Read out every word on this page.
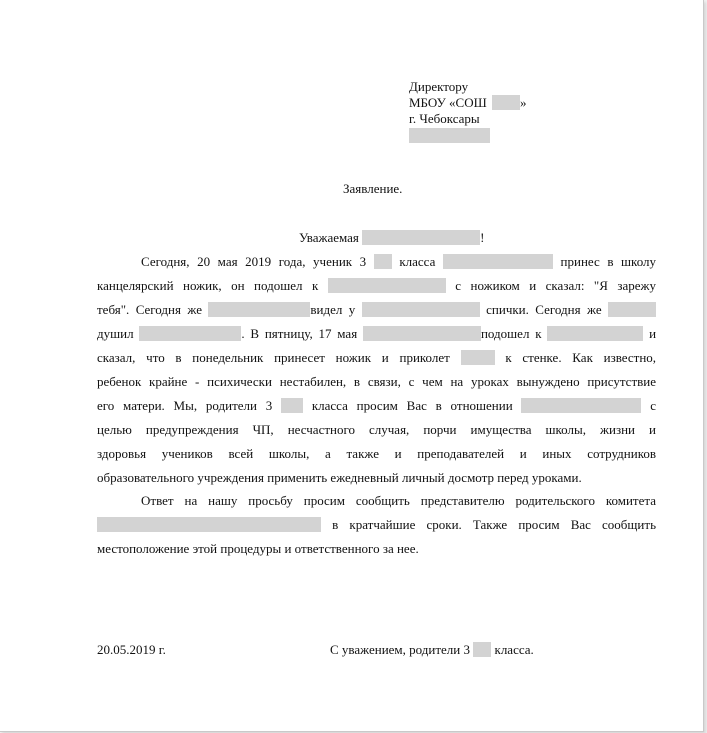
Директору
МБОУ «СОШ	»
г. Чебоксары
Заявление.
Уважаемая	!
Сегодня, 20 мая 2019 года, ученик 3	класса	принес в школу
канцелярский ножик, он подошел к	с ножиком и сказал: "Я зарежу
тебя". Сегодня же	видел у	спички. Сегодня же
душил	. В пятницу, 17 мая	подошел к	и
сказал, что в понедельник принесет ножик и приколет	к стенке. Как известно,
ребенок крайне - психически нестабилен, в связи, с чем на уроках вынуждено присутствие
его матери. Мы, родители 3	класса просим Вас в отношении	с
целью предупреждения ЧП, несчастного случая, порчи имущества школы, жизни и
здоровья учеников всей школы, а также и преподавателей и иных сотрудников
образовательного учреждения применить ежедневный личный досмотр перед уроками.
Ответ на нашу просьбу просим сообщить представителю родительского комитета
в кратчайшие сроки. Также просим Вас сообщить
местоположение этой процедуры и ответственного за нее.
20.05.2019 г.	С уважением, родители 3 класса.
